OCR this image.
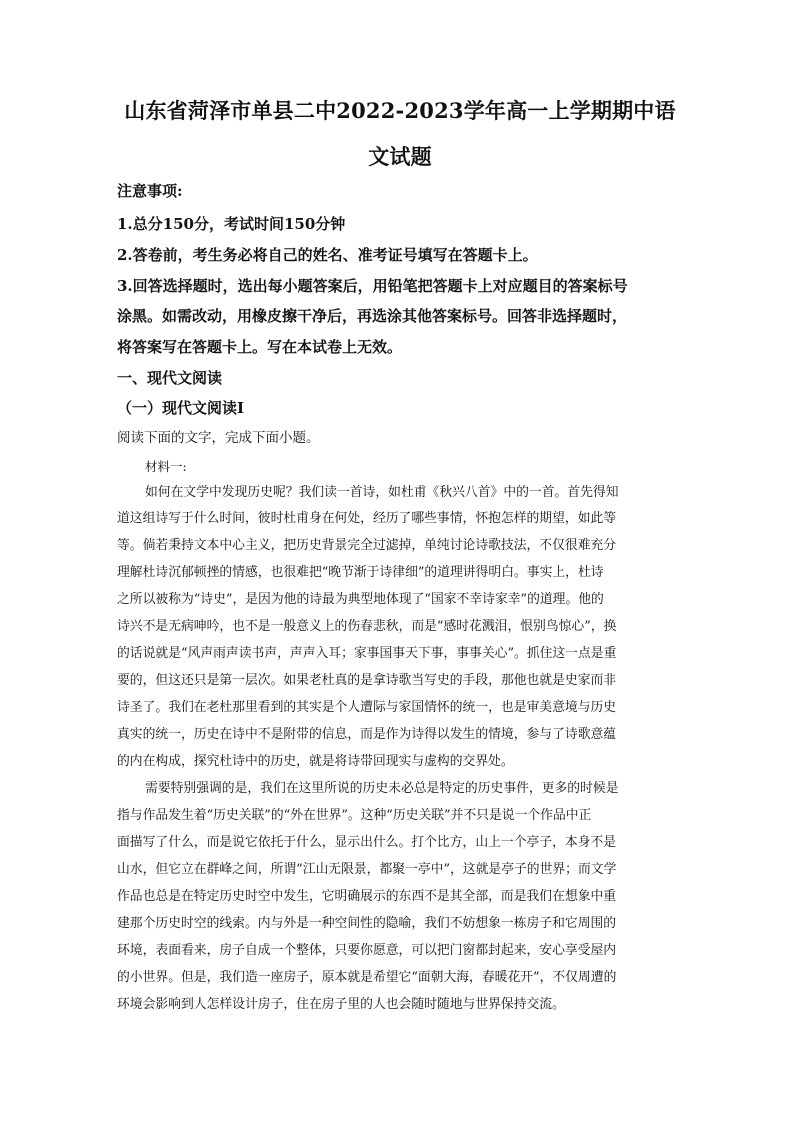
山东省菏泽市单县二中2022-2023学年高一上学期期中语
文试题
注意事项:
1.总分150分，考试时间150分钟
2.答卷前，考生务必将自己的姓名、准考证号填写在答题卡上。
3.回答选择题时，选出每小题答案后，用铅笔把答题卡上对应题目的答案标号
涂黑。如需改动，用橡皮擦干净后，再选涂其他答案标号。回答非选择题时，
将答案写在答题卡上。写在本试卷上无效。
一、现代文阅读
（一）现代文阅读Ⅰ
阅读下面的文字，完成下面小题。
材料一:
如何在文学中发现历史呢？我们读一首诗，如杜甫《秋兴八首》中的一首。首先得知
道这组诗写于什么时间，彼时杜甫身在何处，经历了哪些事情，怀抱怎样的期望，如此等
等。倘若秉持文本中心主义，把历史背景完全过滤掉，单纯讨论诗歌技法，不仅很难充分
理解杜诗沉郁顿挫的情感，也很难把“晚节渐于诗律细”的道理讲得明白。事实上，杜诗
之所以被称为“诗史”，是因为他的诗最为典型地体现了“国家不幸诗家幸”的道理。他的
诗兴不是无病呻吟，也不是一般意义上的伤春悲秋，而是“感时花溅泪，恨别鸟惊心”，换
的话说就是“风声雨声读书声，声声入耳；家事国事天下事，事事关心”。抓住这一点是重
要的，但这还只是第一层次。如果老杜真的是拿诗歌当写史的手段，那他也就是史家而非
诗圣了。我们在老杜那里看到的其实是个人遭际与家国情怀的统一，也是审美意境与历史
真实的统一，历史在诗中不是附带的信息，而是作为诗得以发生的情境，参与了诗歌意蕴
的内在构成，探究杜诗中的历史，就是将诗带回现实与虚构的交界处。
需要特别强调的是，我们在这里所说的历史未必总是特定的历史事件，更多的时候是
指与作品发生着“历史关联”的“外在世界”。这种“历史关联”并不只是说一个作品中正
面描写了什么，而是说它依托于什么，显示出什么。打个比方，山上一个亭子，本身不是
山水，但它立在群峰之间，所谓“江山无限景，都聚一亭中”，这就是亭子的世界；而文学
作品也总是在特定历史时空中发生，它明确展示的东西不是其全部，而是我们在想象中重
建那个历史时空的线索。内与外是一种空间性的隐喻，我们不妨想象一栋房子和它周围的
环境，表面看来，房子自成一个整体，只要你愿意，可以把门窗都封起来，安心享受屋内
的小世界。但是，我们造一座房子，原本就是希望它“面朝大海，春暖花开”，不仅周遭的
环境会影响到人怎样设计房子，住在房子里的人也会随时随地与世界保持交流。
